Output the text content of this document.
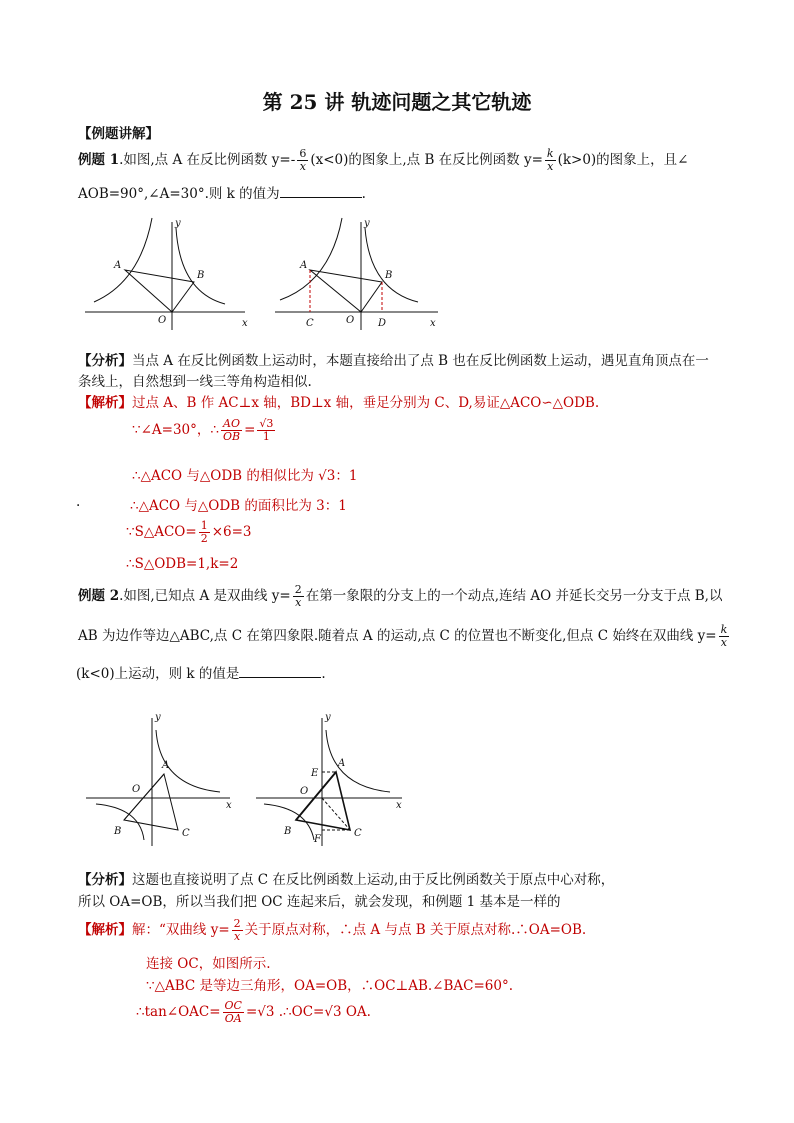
第 25 讲 轨迹问题之其它轨迹
【例题讲解】
例题 1.如图,点 A 在反比例函数 $y=- \frac{6}{x} (x<0)$的图象上,点 B 在反比例函数 $y= \frac{k}{x} (k>0)$的图象上，且∠
AOB=90°,∠A=30°.则 k 的值为	.
y
x
A
B
O
y
x
A
B
O
C	D
【分析】当点 A 在反比例函数上运动时，本题直接给出了点 B 也在反比例函数上运动，遇见直角顶点在一
条线上，自然想到一线三等角构造相似.
【解析】过点 A、B 作 AC⊥x 轴，BD⊥x 轴，垂足分别为 C、D,易证△ACO∽△ODB.
∵∠A=30°，∴ $\frac{AO}{OB} = \frac{√3}{1}$
∴△ACO 与△ODB 的相似比为 √3：1
.	∴△ACO 与△ODB 的面积比为 3：1
∵S△ACO= $\frac{1}{2} \times 6=3$
∴S△ODB=1,k=2
例题 2.如图,已知点 A 是双曲线 $y= \frac{2}{x}$ 在第一象限的分支上的一个动点,连结 AO 并延长交另一分支于点 B,以
AB 为边作等边△ABC,点 C 在第四象限.随着点 A 的运动,点 C 的位置也不断变化,但点 C 始终在双曲线 $y= \frac{k}{x}$
(k<0)上运动，则 k 的值是	.
y
x
A
B	C
O
y
x
A
B	C
O
E
F
【分析】这题也直接说明了点 C 在反比例函数上运动,由于反比例函数关于原点中心对称，
所以 OA=OB，所以当我们把 OC 连起来后，就会发现，和例题 1 基本是一样的
【解析】解：“双曲线 $y= \frac{2}{x}$ 关于原点对称，∴点 A 与点 B 关于原点对称.∴OA=OB.
连接 OC，如图所示.
∵△ABC 是等边三角形，OA=OB，∴OC⊥AB.∠BAC=60°.
∴tan∠OAC= $\frac{OC}{OA} =√3$ .∴OC=√3 OA.
